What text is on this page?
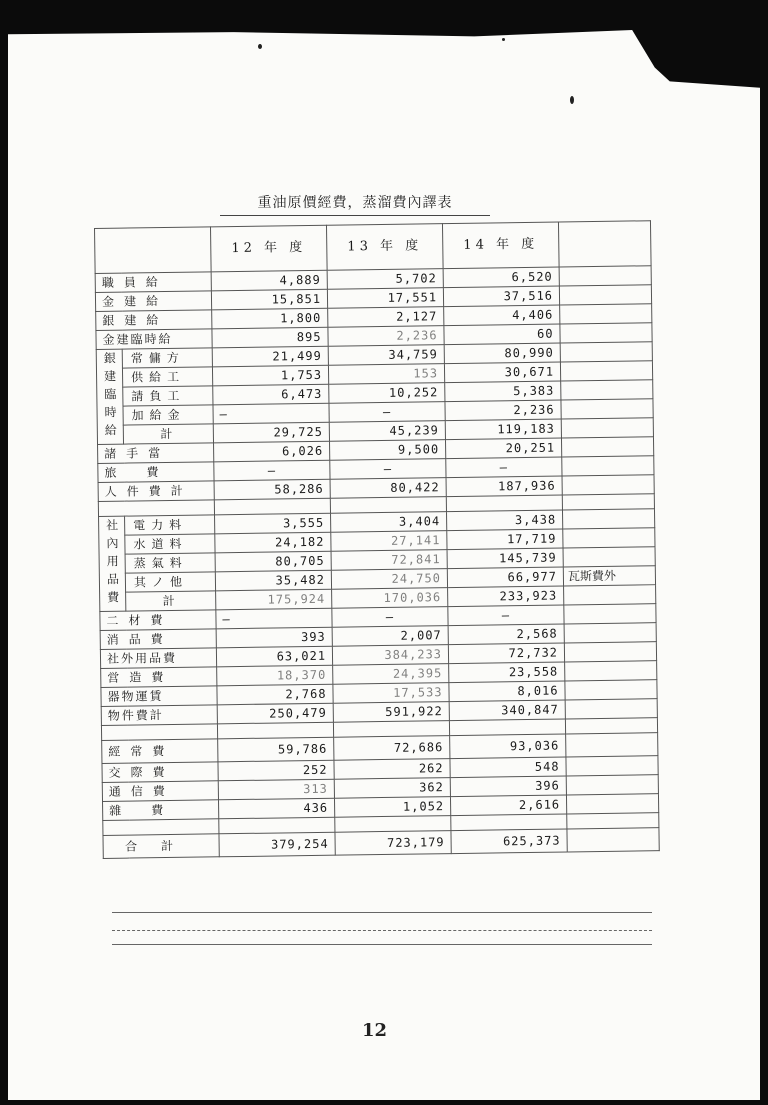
重油原價經費，蒸溜費內譯表
		12 年 度	13 年 度	14 年 度	
職員給		4,889	5,702	6,520	
金建給		15,851	17,551	37,516	
銀建給		1,800	2,127	4,406	
金建臨時給		895	2,236	60	
銀建臨時給	常傭方	21,499	34,759	80,990	
	供給工	1,753	153	30,671	
	請負工	6,473	10,252	5,383	
	加給金	—	—	2,236	
	計	29,725	45,239	119,183	
諸手當		6,026	9,500	20,251	
旅費		—	—	—	
人件費計		58,286	80,422	187,936	

社內用品費	電力料	3,555	3,404	3,438	
	水道料	24,182	27,141	17,719	
	蒸氣料	80,705	72,841	145,739	
	其ノ他	35,482	24,750	66,977	瓦斯費外
	計	175,924	170,036	233,923	
二材費		—	—	—	
消品費		393	2,007	2,568	
社外用品費		63,021	384,233	72,732	
営造費		18,370	24,395	23,558	
器物運賃		2,768	17,533	8,016	
物件費計		250,479	591,922	340,847	

經常費		59,786	72,686	93,036	
交際費		252	262	548	
通信費		313	362	396	
雜費		436	1,052	2,616	

合計		379,254	723,179	625,373	
12
